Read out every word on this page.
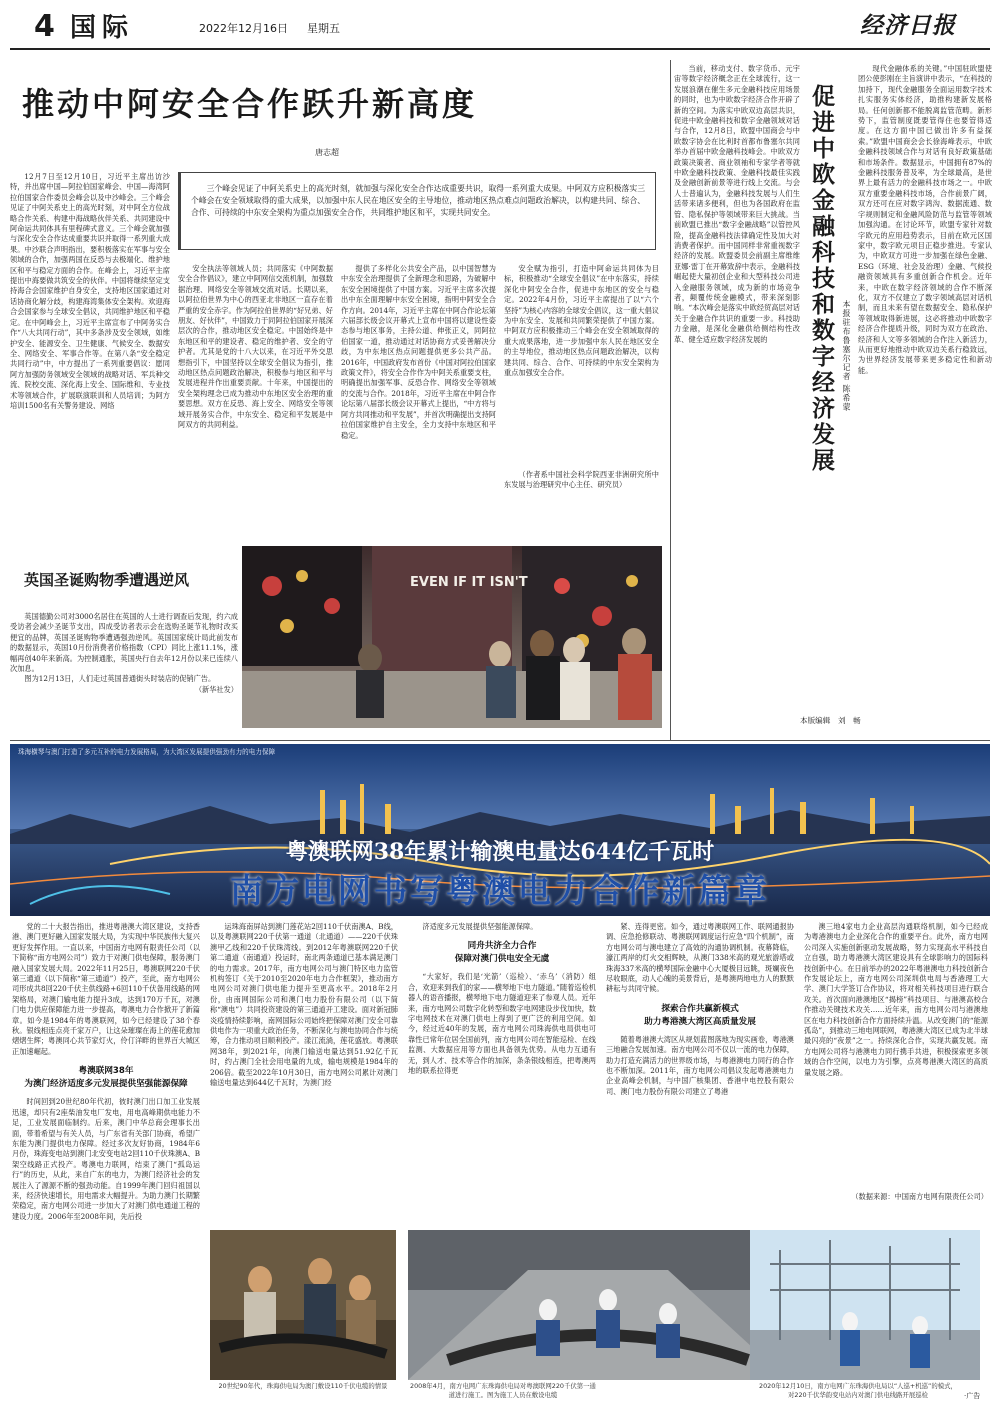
4 国际	2022年12月16日 星期五	经济日报
推动中阿安全合作跃升新高度
唐志超
三个峰会见证了中阿关系史上的高光时刻，就加强与深化安全合作达成重要共识，取得一系列重大成果。中阿双方应积极落实三个峰会在安全领域取得的重大成果，以加强中东人民在地区安全的主导地位，推动地区热点难点问题政治解决，以构建共同、综合、合作、可持续的中东安全架构为重点加强安全合作，共同维护地区和平，实现共同安全。

12月7日至12月10日，习近平主席出访沙特，并出席中国—阿拉伯国家峰会、中国—海湾阿拉伯国家合作委员会峰会以及中沙峰会。三个峰会见证了中阿关系史上的高光时刻，对中阿全方位战略合作关系、构建中海战略伙伴关系、共同建设中阿命运共同体具有里程碑式意义。三个峰会就加强与深化安全合作达成重要共识并取得一系列重大成果。中沙联合声明指出，要积极落实在军事与安全领域的合作，加强两国在反恐与去极端化、维护地区和平与稳定方面的合作。在峰会上，习近平主席提出中海要做共筑安全的伙伴。中国将继续坚定支持海合会国家维护自身安全，支持地区国家通过对话协商化解分歧，构建海湾集体安全架构。欢迎海合会国家参与全球安全倡议，共同维护地区和平稳定。在中阿峰会上，习近平主席宣布了中阿务实合作“八大共同行动”，其中多条涉及安全领域，如维护安全、能源安全、卫生健康、气候安全、数据安全、网络安全、军事合作等。在第八条“安全稳定共同行动”中，中方提出了一系列重要倡议：愿同阿方加强防务领域安全领域的战略对话、军兵种交流、院校交流、深化海上安全、国际维和、专业技术等领域合作，扩展联演联训和人员培训；为阿方培训1500名有关警务建设、网络

安全执法等领域人员；共同落实《中阿数据安全合作倡议》，建立中阿网信交流机制，加强数据治理、网络安全等领域交流对话。长期以来，以阿拉伯世界为中心的西亚北非地区一直存在着严重的安全赤字。作为阿拉伯世界的“好兄弟、好朋友、好伙伴”，中国致力于同阿拉伯国家开展深层次的合作，推动地区安全稳定。中国始终是中东地区和平的建设者、稳定的维护者、安全的守护者。尤其是党的十八大以来，在习近平外交思想指引下，中国坚持以全球安全倡议为指引，推动地区热点问题政治解决，积极参与地区和平与发展进程并作出重要贡献。十年来，中国提出的安全架构理念已成为推动中东地区安全治理的重要思想。双方在反恐、海上安全、网络安全等领域开展务实合作，中东安全、稳定和平发展是中阿双方的共同利益。

提供了多样化公共安全产品，以中国智慧为中东安全治理提供了全新理念和思路，为破解中东安全困境提供了中国方案。习近平主席多次提出中东全面理解中东安全困境，指明中阿安全合作方向。2014年，习近平主席在中阿合作论坛第六届部长级会议开幕式上宣布中国将以建设性姿态参与地区事务，主持公道、伸张正义，同阿拉伯国家一道，推动通过对话协商方式妥善解决分歧，为中东地区热点问题提供更多公共产品。2016年，中国政府发布首份《中国对阿拉伯国家政策文件》，将安全合作作为中阿关系重要支柱，明确提出加强军事、反恐合作、网络安全等领域的交流与合作。2018年，习近平主席在中阿合作论坛第八届部长级会议开幕式上提出，“中方将与阿方共同推动和平发展”，并首次明确提出支持阿拉伯国家维护自主安全，全力支持中东地区和平稳定。

安全赋为指引，打造中阿命运共同体为目标，积极推动“全球安全倡议”在中东落实，持续深化中阿安全合作，促进中东地区的安全与稳定。2022年4月份，习近平主席提出了以“六个坚持”为核心内容的全球安全倡议，这一重大倡议为中东安全、发展和共同繁荣提供了中国方案。中阿双方应积极推动三个峰会在安全领域取得的重大成果落地，进一步加强中东人民在地区安全的主导地位，推动地区热点问题政治解决，以构建共同、综合、合作、可持续的中东安全架构为重点加强安全合作。

（作者系中国社会科学院西亚非洲研究所中东发展与治理研究中心主任、研究员）

英国圣诞购物季遭遇逆风

英国德勤公司对3000名居住在英国的人士进行调查后发现，约六成受访者会减少圣诞节支出，四成受访者表示会在选购圣诞节礼物时改买便宜的品牌，英国圣诞购物季遭遇强劲逆风。英国国家统计局此前发布的数据显示，英国10月份消费者价格指数（CPI）同比上涨11.1%，涨幅再创40年来新高。为控制通胀，英国央行自去年12月份以来已连续八次加息。

图为12月13日，人们走过英国普通街头时装店的促销广告。

（新华社发）

EVEN IF IT ISN'T

当前，移动支付、数字货币、元宇宙等数字经济概念正在全球流行，这一发展浪潮在催生多元金融科技应用场景的同时，也为中欧数字经济合作开辟了新的空间。为落实中欧双边高层共识，促进中欧金融科技和数字金融领域对话与合作，12月8日，欧盟中国商会与中欧数字协会在比利时首都布鲁塞尔共同举办首届中欧金融科技峰会。中欧双方政策决策者、商业领袖和专家学者等就中欧金融科技政策、金融科技最佳实践及金融创新前景等进行线上交流。与会人士普遍认为，金融科技发展与人们生活带来诸多便利，但也为各国政府在监管、隐私保护等领域带来巨大挑战。当前欧盟已推出“数字金融战略”以管控风险，提高金融科技法律确定性及加大对消费者保护。而中国同样非常重视数字经济的发展。欧盟委员会前副主席维维亚娜·雷丁在开幕致辞中表示，金融科技崛起使大量初创企业和大型科技公司进入金融服务领域，成为新的市场竞争者，颠覆传统金融模式，带来深刻影响。“本次峰会是落实中欧经贸高层对话关于金融合作共识的重要一步。科技助力金融，是深化金融供给侧结构性改革、健全适应数字经济发展的	促进中欧金融科技和数字经济发展	本报驻布鲁塞尔记者 陈希蒙

现代金融体系的关键。”中国驻欧盟使团公使彭刚在主旨演讲中表示，“在科技的加持下，现代金融服务全面运用数字技术扎实服务实体经济，助推构建新发展格局。任何创新都不能脱离监管范畴。新形势下，监管制度既要管得住也要管得适度。在这方面中国已做出许多有益探索。”欧盟中国商会会长徐海峰表示，中欧金融科技领域合作与对话有良好政策基础和市场条件。数据显示，中国拥有87%的金融科技服务普及率，为全球最高，是世界上最有活力的金融科技市场之一。中欧双方重要金融科技市场，合作前景广阔，双方还可在应对数字鸿沟、数据流通、数字规则制定和金融风险防范与监管等领域加强沟通。在讨论环节，欧盟专家针对数字欧元的应用趋势表示，目前在欧元区国家中，数字欧元项目正稳步推进。专家认为，中欧双方可进一步加强在绿色金融、ESG（环境、社会及治理）金融、气候投融资领域具有多重创新合作机会。近年来，中欧在数字经济领域的合作不断深化，双方不仅建立了数字领域高层对话机制，而且未来有望在数据安全、隐私保护等领域取得新进展，这必将推动中欧数字经济合作提质升级，同时为双方在政治、经济和人文等多领域的合作注入新活力，从而更好地推动中欧双边关系行稳致远，为世界经济发展带来更多稳定性和新动能。

本版编辑　刘　畅
珠海横琴与澳门打造了多元互补的电力发展格局，为大湾区发展提供强劲有力的电力保障
粤澳联网38年累计输澳电量达644亿千瓦时
南方电网书写粤澳电力合作新篇章

党的二十大报告指出，推进粤港澳大湾区建设，支持香港、澳门更好融入国家发展大局，为实现中华民族伟大复兴更好发挥作用。一直以来，中国南方电网有限责任公司（以下简称“南方电网公司”）致力于对澳门供电保障，服务澳门融入国家发展大局。2022年11月25日，粤澳联网220千伏第三通道（以下简称“第三通道”）投产，至此，南方电网公司形成共8回220千伏主供线路+6回110千伏备用线路的网架格局，对澳门输电能力提升3成，达到170万千瓦，对澳门电力供应保障能力进一步提高，粤澳电力合作掀开了新篇章。如今是1984年的粤澳联网，如今已经建设了38个春秋。银线相连点亮千家万户，让这朵璀璨在海上的莲花愈加熠熠生辉；粤澳同心共节家灯火，伶仃洋畔的世界百大城区正加速崛起。

粤澳联网38年
为澳门经济适度多元发展提供坚强能源保障

时间回到20世纪80年代初，彼时澳门出口加工业发展迅速，却只有2座柴油发电厂发电，用电高峰期供电能力不足，工业发展面临制约。后来，澳门中华总商会理事长出面，带着希望与有关人员，与广东省有关部门协商，希望广东能为澳门提供电力保障。经过多次友好协商，1984年6月份，珠海变电站到澳门北安变电站2回110千伏珠澳A、B架空线路正式投产。粤澳电力联网，结束了澳门“孤岛运行”的历史，从此，来自广东的电力，为澳门经济社会的发展注入了源源不断的强劲动能。自1999年澳门回归祖国以来，经济快速增长，用电需求大幅提升。为助力澳门长期繁荣稳定，南方电网公司进一步加大了对澳门供电通道工程的建设力度。2006年至2008年间，先后投

运珠海南屏站到澳门莲花站2回110千伏南澳A、B线，以及粤澳联网220千伏第一通道（北通道）——220千伏珠澳甲乙线和220千伏珠湾线。到2012年粤澳联网220千伏第二通道（南通道）投运时，南北两条通道已基本满足澳门的电力需求。2017年，南方电网公司与澳门特区电力监管机构签订《关于2010至2020年电力合作框架》，推动南方电网公司对澳门供电能力提升至更高水平。2018年2月份，由南网国际公司和澳门电力股份有限公司（以下简称“澳电”）共同投资建设的第三通道开工建设。面对新冠肺炎疫情持续影响，南网国际公司始终把保障对澳门安全可靠供电作为一项重大政治任务，不断深化与澳电协同合作与统筹，合力推动项目顺利投产。漾江流淌，莲花盛放。粤澳联网38年，到2021年，向澳门输送电量达到51.92亿千瓦时，约占澳门全社会用电量的九成，输电规模是1984年的206倍。截至2022年10月30日，南方电网公司累计对澳门输送电量达到644亿千瓦时，为澳门经

济适度多元发展提供坚强能源保障。

同舟共济全力合作
保障对澳门供电安全无虞

“大家好，我们是‘光箭’（巡检）、‘赤乌’（消防）组合，欢迎来到我们的家——横琴地下电力隧道。”随着巡检机器人的语音播报，横琴地下电力隧道迎来了参观人员。近年来，南方电网公司数字化转型和数字电网建设步伐加快，数字电网技术在对澳门供电上得到了更广泛的利用空间。如今，经过近40年的发展，南方电网公司珠海供电局供电可靠性已常年位居全国前列，南方电网公司在智能巡检、在线监测、大数据应用等方面也具备领先优势。从电力互通有无，到人才、技术等合作的加深，条条银线相连，把粤澳两地的联系拉得更

紧、连得更密。如今，通过粤澳联网工作、联网通报协调、应急抢修联动、粤澳联网调度运行应急“四个机制”，南方电网公司与澳电建立了高效的沟通协调机制。夜幕降临，濠江两岸的灯火交相辉映，从澳门338米高的观光旅游塔或珠海337米高的横琴国际金融中心大厦极目远眺，斑斓夜色尽收眼底，动人心魄的美景背后，是粤澳两地电力人的默默耕耘与共同守候。

探索合作共赢新模式
助力粤港澳大湾区高质量发展

随着粤港澳大湾区从规划蓝图落地为现实画卷，粤港澳三地融合发展加速。南方电网公司不仅以一流的电力保障，助力打造充满活力的世界级市场，与粤港澳电力同行的合作也不断加深。2011年，南方电网公司倡议发起粤港澳电力企业高峰会机制，与中国广核集团、香港中电控股有限公司、澳门电力股份有限公司建立了粤港

澳三地4家电力企业高层沟通联络机制，如今已经成为粤港澳电力企业深化合作的重要平台。此外，南方电网公司深入实施创新驱动发展战略，努力实现高水平科技自立自强，助力粤港澳大湾区建设具有全球影响力的国际科技创新中心。在日前举办的2022年粤港澳电力科技创新合作发展论坛上，南方电网公司深圳供电局与香港理工大学、澳门大学签订合作协议，将对相关科技项目进行联合攻关。首次面向港澳地区“揭榜”科技项目、与港澳高校合作推动关键技术攻关……近年来，南方电网公司与港澳地区在电力科技创新合作方面持续升温。从改变澳门的“能源孤岛”，到推动三地电网联网，粤港澳大湾区已成为北半球最闪亮的“夜景”之一。持续深化合作，实现共赢发展。南方电网公司将与港澳电力同行携手共进，积极探索更多领域的合作空间，以电力为引擎，点亮粤港澳大湾区的高质量发展之路。

（数据来源：中国南方电网有限责任公司）

20世纪90年代，珠海供电局为澳门敷设110千伏电缆的情景	2008年4月，南方电网广东珠海供电局对粤澳联网220千伏第一通道进行施工。图为施工人员在敷设电缆
2020年12月10日，南方电网广东珠海供电局以“人巡+机巡”的模式，对220千伏华韵变电站内对澳门供电线路开展巡检	·广告
